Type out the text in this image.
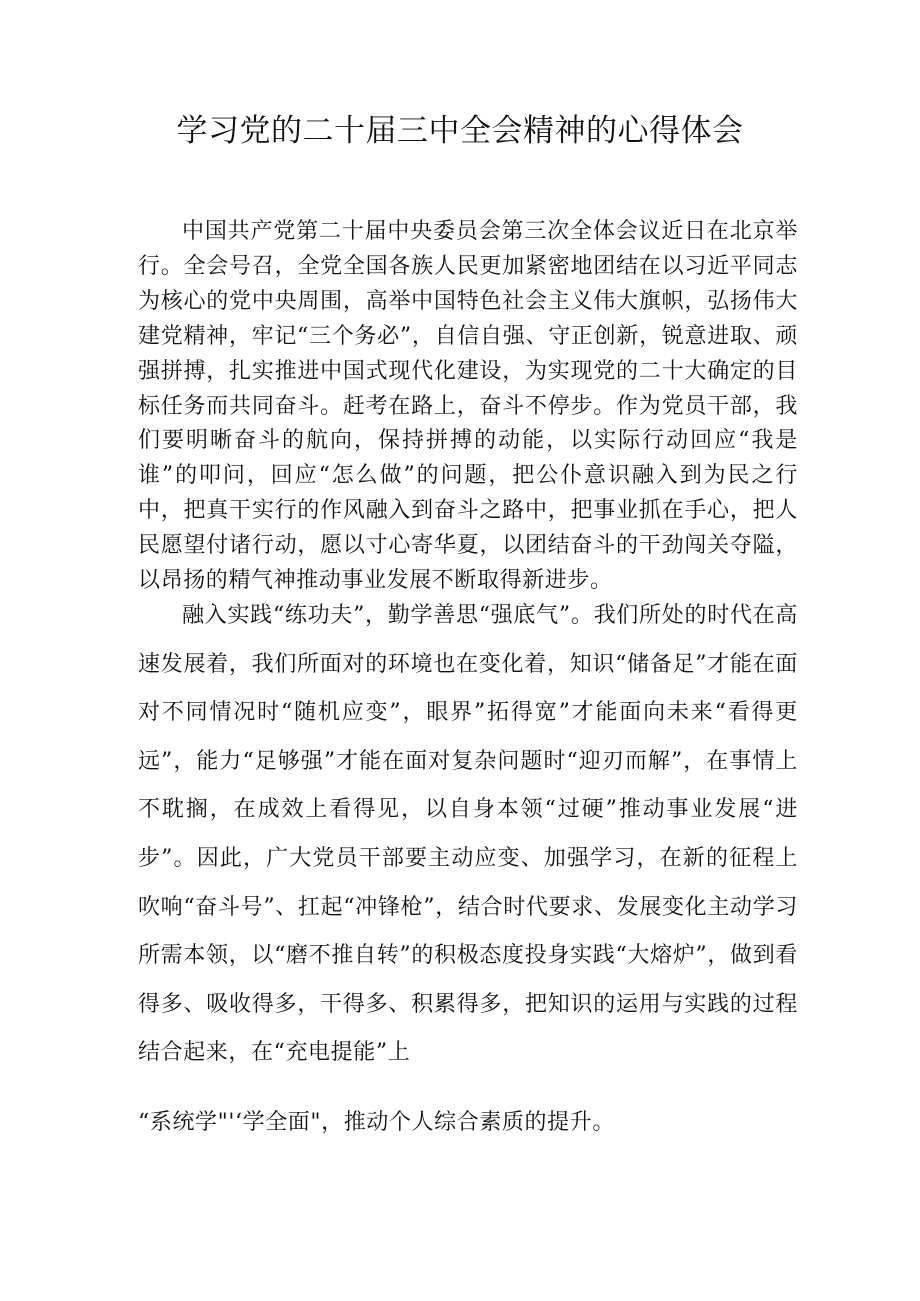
学习党的二十届三中全会精神的心得体会

中国共产党第二十届中央委员会第三次全体会议近日在北京举行。全会号召，全党全国各族人民更加紧密地团结在以习近平同志为核心的党中央周围，高举中国特色社会主义伟大旗帜，弘扬伟大建党精神，牢记“三个务必”，自信自强、守正创新，锐意进取、顽强拼搏，扎实推进中国式现代化建设，为实现党的二十大确定的目标任务而共同奋斗。赶考在路上，奋斗不停步。作为党员干部，我们要明晰奋斗的航向，保持拼搏的动能，以实际行动回应“我是谁”的叩问，回应“怎么做”的问题，把公仆意识融入到为民之行中，把真干实行的作风融入到奋斗之路中，把事业抓在手心，把人民愿望付诸行动，愿以寸心寄华夏，以团结奋斗的干劲闯关夺隘，以昂扬的精气神推动事业发展不断取得新进步。

融入实践“练功夫”，勤学善思“强底气”。我们所处的时代在高速发展着，我们所面对的环境也在变化着，知识“储备足”才能在面对不同情况时“随机应变”，眼界”拓得宽”才能面向未来“看得更远”，能力“足够强”才能在面对复杂问题时“迎刃而解”，在事情上不耽搁，在成效上看得见，以自身本领“过硬”推动事业发展“进步”。因此，广大党员干部要主动应变、加强学习，在新的征程上吹响“奋斗号”、扛起“冲锋枪”，结合时代要求、发展变化主动学习所需本领，以“磨不推自转”的积极态度投身实践“大熔炉”，做到看得多、吸收得多，干得多、积累得多，把知识的运用与实践的过程结合起来，在“充电提能”上

“系统学"'‘学全面"，推动个人综合素质的提升。
